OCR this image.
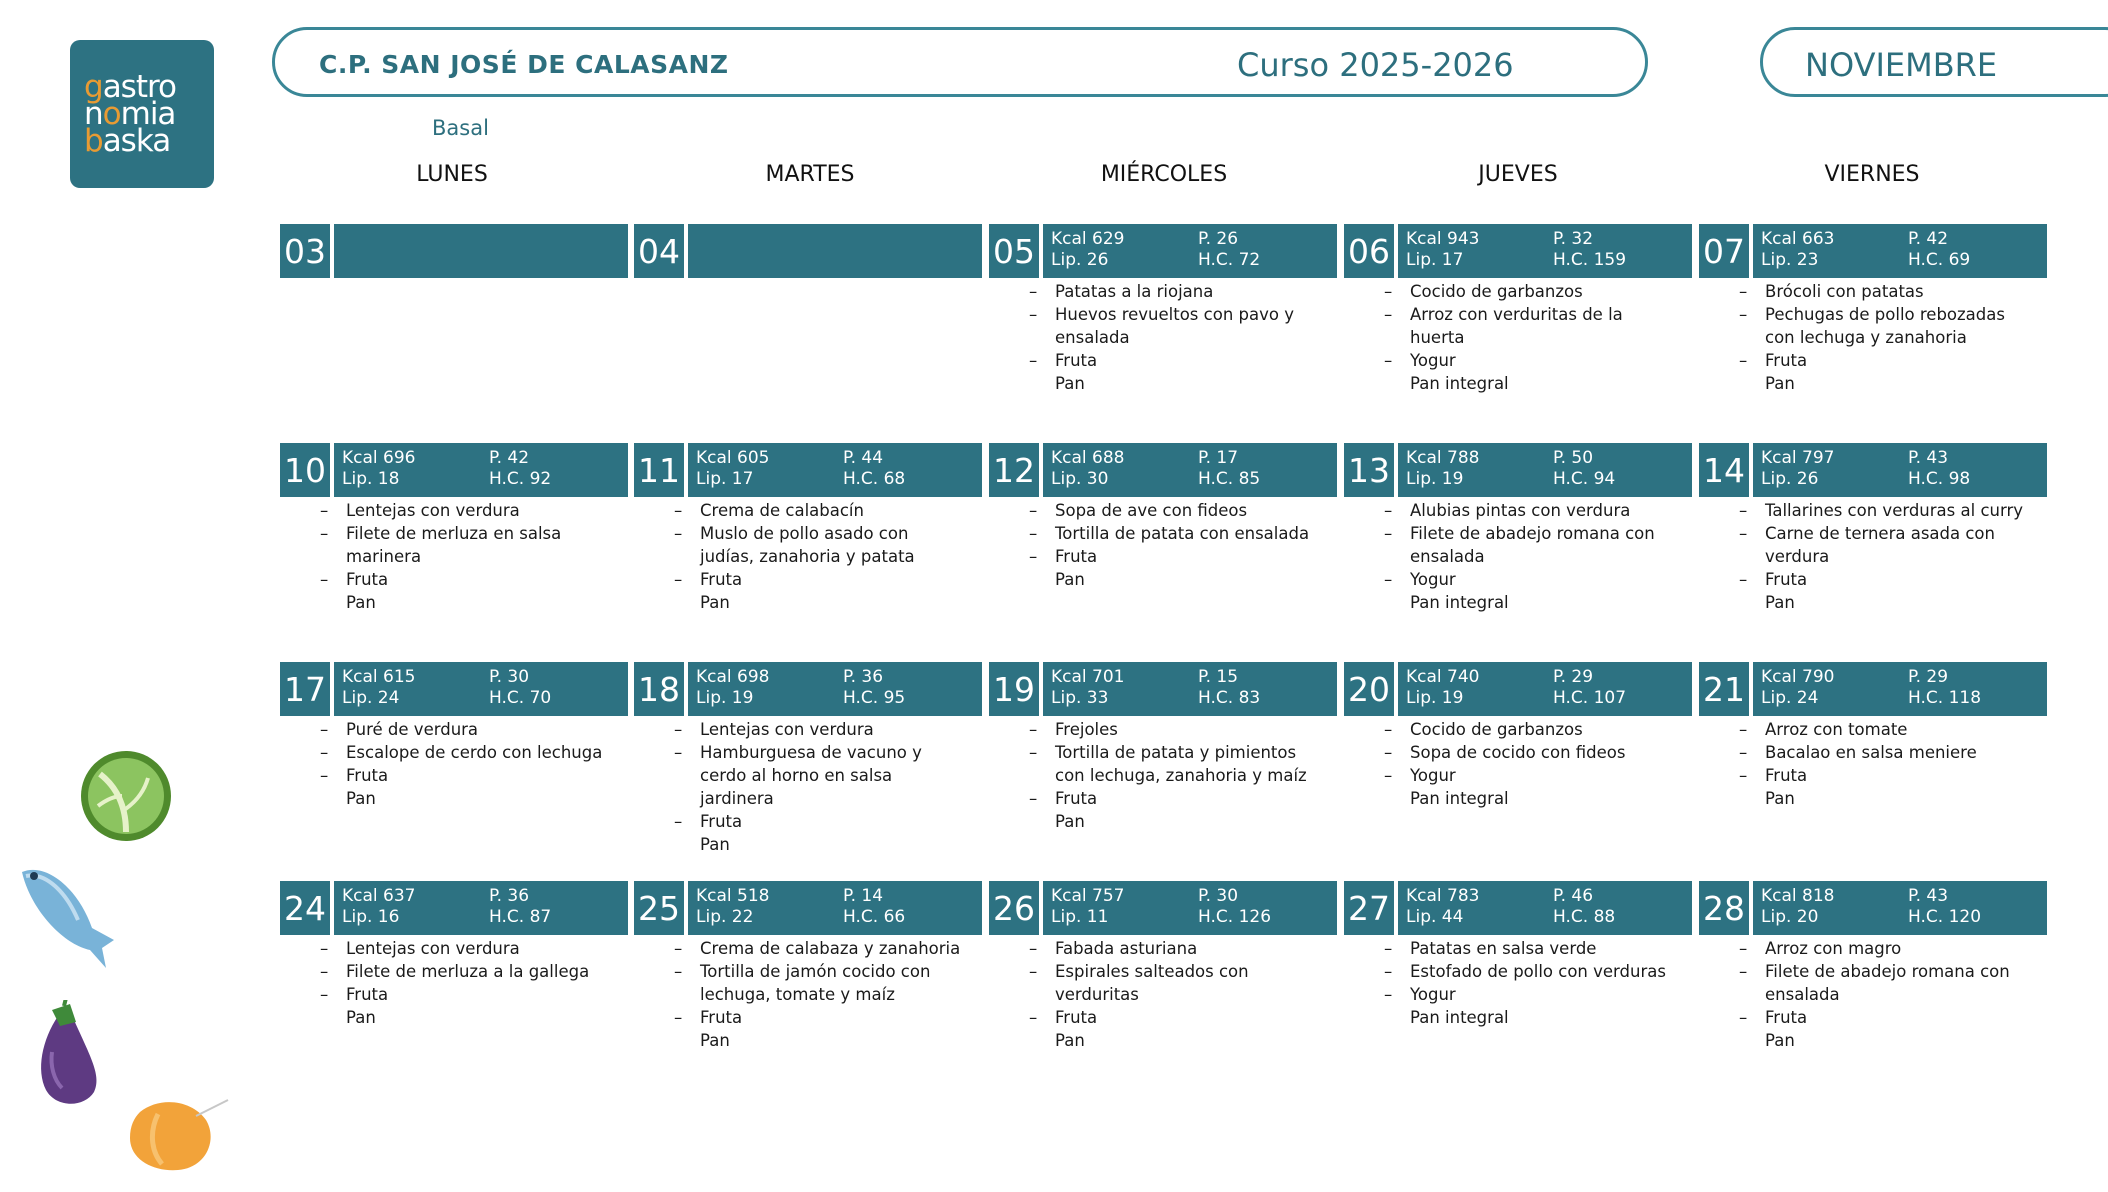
gastro
nomia
baska
C.P. SAN JOSÉ DE CALASANZ	Curso 2025-2026	NOVIEMBRE
Basal
LUNES	MARTES	MIÉRCOLES	JUEVES	VIERNES
03	04	05 Kcal 629	P. 26
Lip. 26	H.C. 72
– Patatas a la riojana
– Huevos revueltos con pavo y
ensalada
– Fruta
Pan
06 Kcal 943	P. 32
Lip. 17	H.C. 159
– Cocido de garbanzos
– Arroz con verduritas de la
huerta
– Yogur
Pan integral
07 Kcal 663	P. 42
Lip. 23	H.C. 69
– Brócoli con patatas
– Pechugas de pollo rebozadas
con lechuga y zanahoria
– Fruta
Pan
10 Kcal 696	P. 42
Lip. 18	H.C. 92
– Lentejas con verdura
– Filete de merluza en salsa
marinera
– Fruta
Pan
11 Kcal 605	P. 44
Lip. 17	H.C. 68
– Crema de calabacín
– Muslo de pollo asado con
judías, zanahoria y patata
– Fruta
Pan
12 Kcal 688	P. 17
Lip. 30	H.C. 85
– Sopa de ave con fideos
– Tortilla de patata con ensalada
– Fruta
Pan
13 Kcal 788	P. 50
Lip. 19	H.C. 94
– Alubias pintas con verdura
– Filete de abadejo romana con
ensalada
– Yogur
Pan integral
14 Kcal 797	P. 43
Lip. 26	H.C. 98
– Tallarines con verduras al curry
– Carne de ternera asada con
verdura
– Fruta
Pan
17 Kcal 615	P. 30
Lip. 24	H.C. 70
– Puré de verdura
– Escalope de cerdo con lechuga
– Fruta
Pan
18 Kcal 698	P. 36
Lip. 19	H.C. 95
– Lentejas con verdura
– Hamburguesa de vacuno y
cerdo al horno en salsa
jardinera
– Fruta
Pan
19 Kcal 701	P. 15
Lip. 33	H.C. 83
– Frejoles
– Tortilla de patata y pimientos
con lechuga, zanahoria y maíz
– Fruta
Pan
20 Kcal 740	P. 29
Lip. 19	H.C. 107
– Cocido de garbanzos
– Sopa de cocido con fideos
– Yogur
Pan integral
21 Kcal 790	P. 29
Lip. 24	H.C. 118
– Arroz con tomate
– Bacalao en salsa meniere
– Fruta
Pan
24 Kcal 637	P. 36
Lip. 16	H.C. 87
– Lentejas con verdura
– Filete de merluza a la gallega
– Fruta
Pan
25 Kcal 518	P. 14
Lip. 22	H.C. 66
– Crema de calabaza y zanahoria
– Tortilla de jamón cocido con
lechuga, tomate y maíz
– Fruta
Pan
26 Kcal 757	P. 30
Lip. 11	H.C. 126
– Fabada asturiana
– Espirales salteados con
verduritas
– Fruta
Pan
27 Kcal 783	P. 46
Lip. 44	H.C. 88
– Patatas en salsa verde
– Estofado de pollo con verduras
– Yogur
Pan integral
28 Kcal 818	P. 43
Lip. 20	H.C. 120
– Arroz con magro
– Filete de abadejo romana con
ensalada
– Fruta
Pan
